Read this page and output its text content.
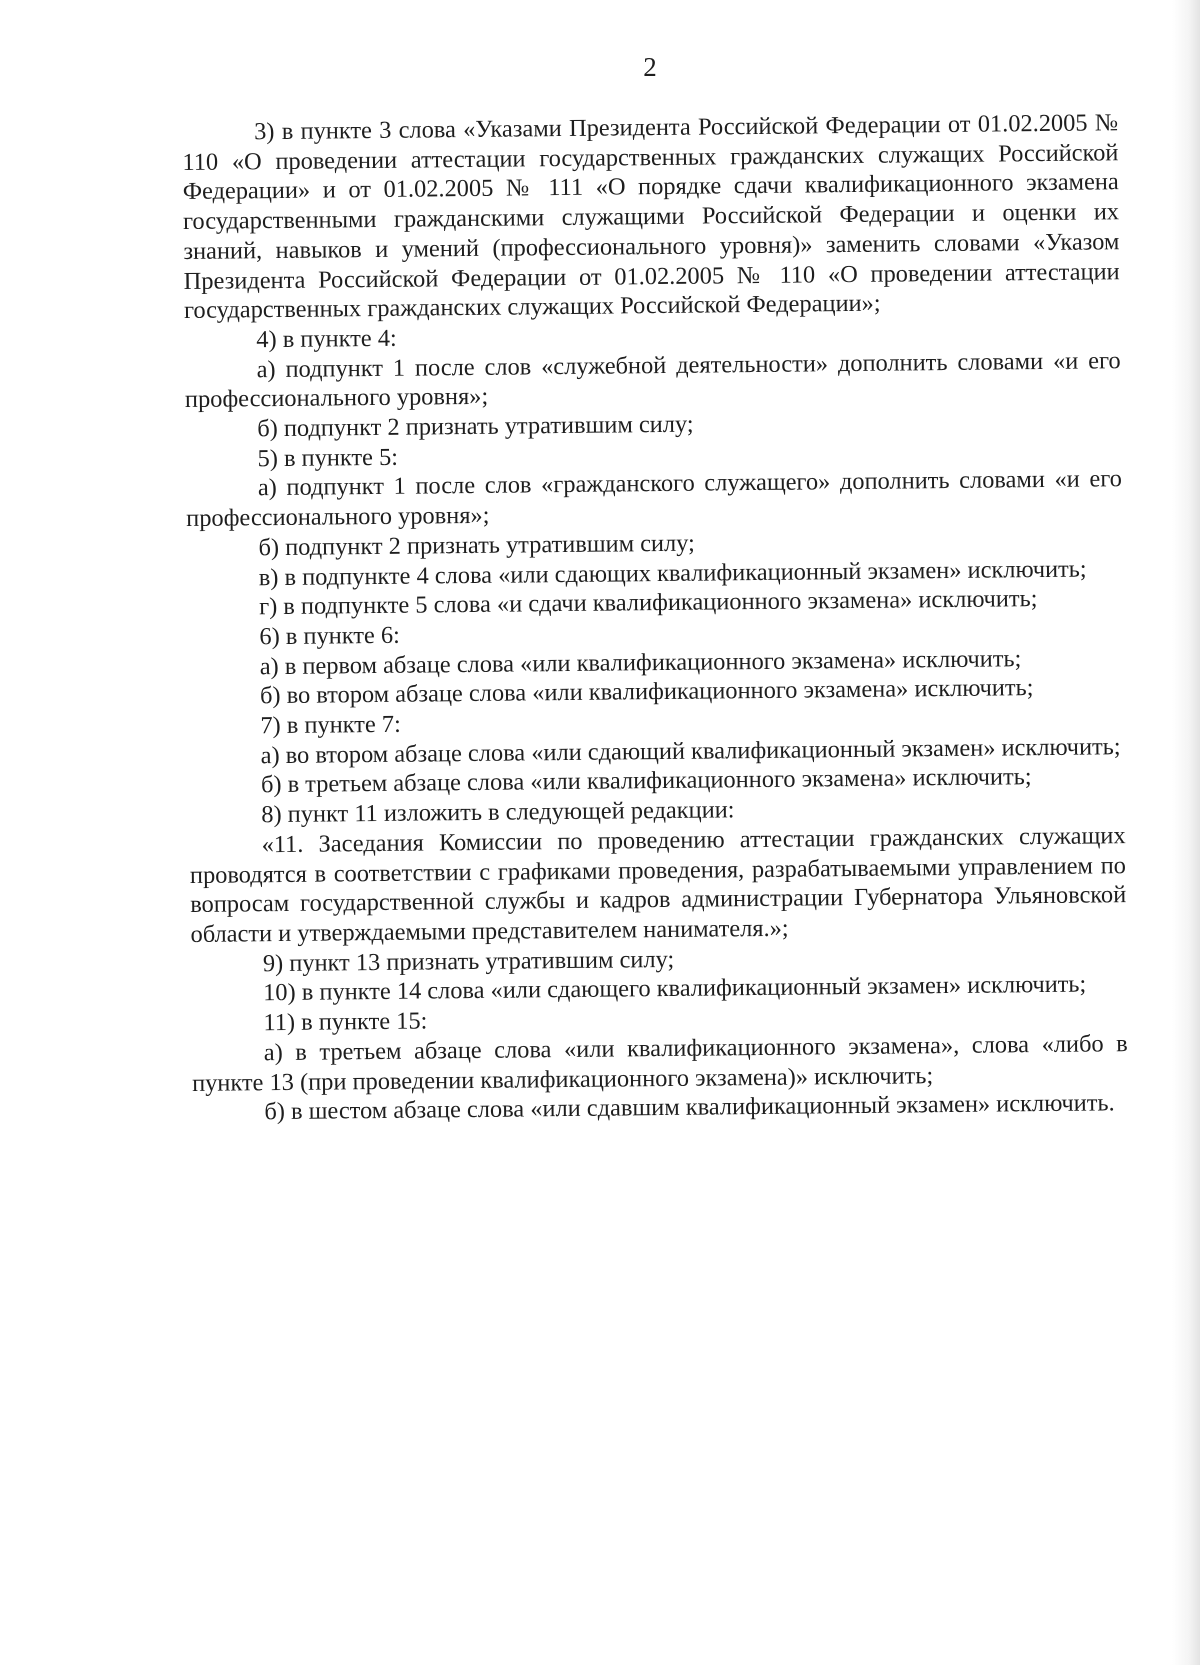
2

3) в пункте 3 слова «Указами Президента Российской Федерации от 01.02.2005 № 110 «О проведении аттестации государственных гражданских служащих Российской Федерации» и от 01.02.2005 № 111 «О порядке сдачи квалификационного экзамена государственными гражданскими служащими Российской Федерации и оценки их знаний, навыков и умений (профессионального уровня)» заменить словами «Указом Президента Российской Федерации от 01.02.2005 № 110 «О проведении аттестации государственных гражданских служащих Российской Федерации»;

4) в пункте 4:

а) подпункт 1 после слов «служебной деятельности» дополнить словами «и его профессионального уровня»;

б) подпункт 2 признать утратившим силу;

5) в пункте 5:

а) подпункт 1 после слов «гражданского служащего» дополнить словами «и его профессионального уровня»;

б) подпункт 2 признать утратившим силу;

в) в подпункте 4 слова «или сдающих квалификационный экзамен» исключить;

г) в подпункте 5 слова «и сдачи квалификационного экзамена» исключить;

6) в пункте 6:

а) в первом абзаце слова «или квалификационного экзамена» исключить;

б) во втором абзаце слова «или квалификационного экзамена» исключить;

7) в пункте 7:

а) во втором абзаце слова «или сдающий квалификационный экзамен» исключить;

б) в третьем абзаце слова «или квалификационного экзамена» исключить;

8) пункт 11 изложить в следующей редакции:

«11. Заседания Комиссии по проведению аттестации гражданских служащих проводятся в соответствии с графиками проведения, разрабатываемыми управлением по вопросам государственной службы и кадров администрации Губернатора Ульяновской области и утверждаемыми представителем нанимателя.»;

9) пункт 13 признать утратившим силу;

10) в пункте 14 слова «или сдающего квалификационный экзамен» исключить;

11) в пункте 15:

а) в третьем абзаце слова «или квалификационного экзамена», слова «либо в пункте 13 (при проведении квалификационного экзамена)» исключить;

б) в шестом абзаце слова «или сдавшим квалификационный экзамен» исключить.
